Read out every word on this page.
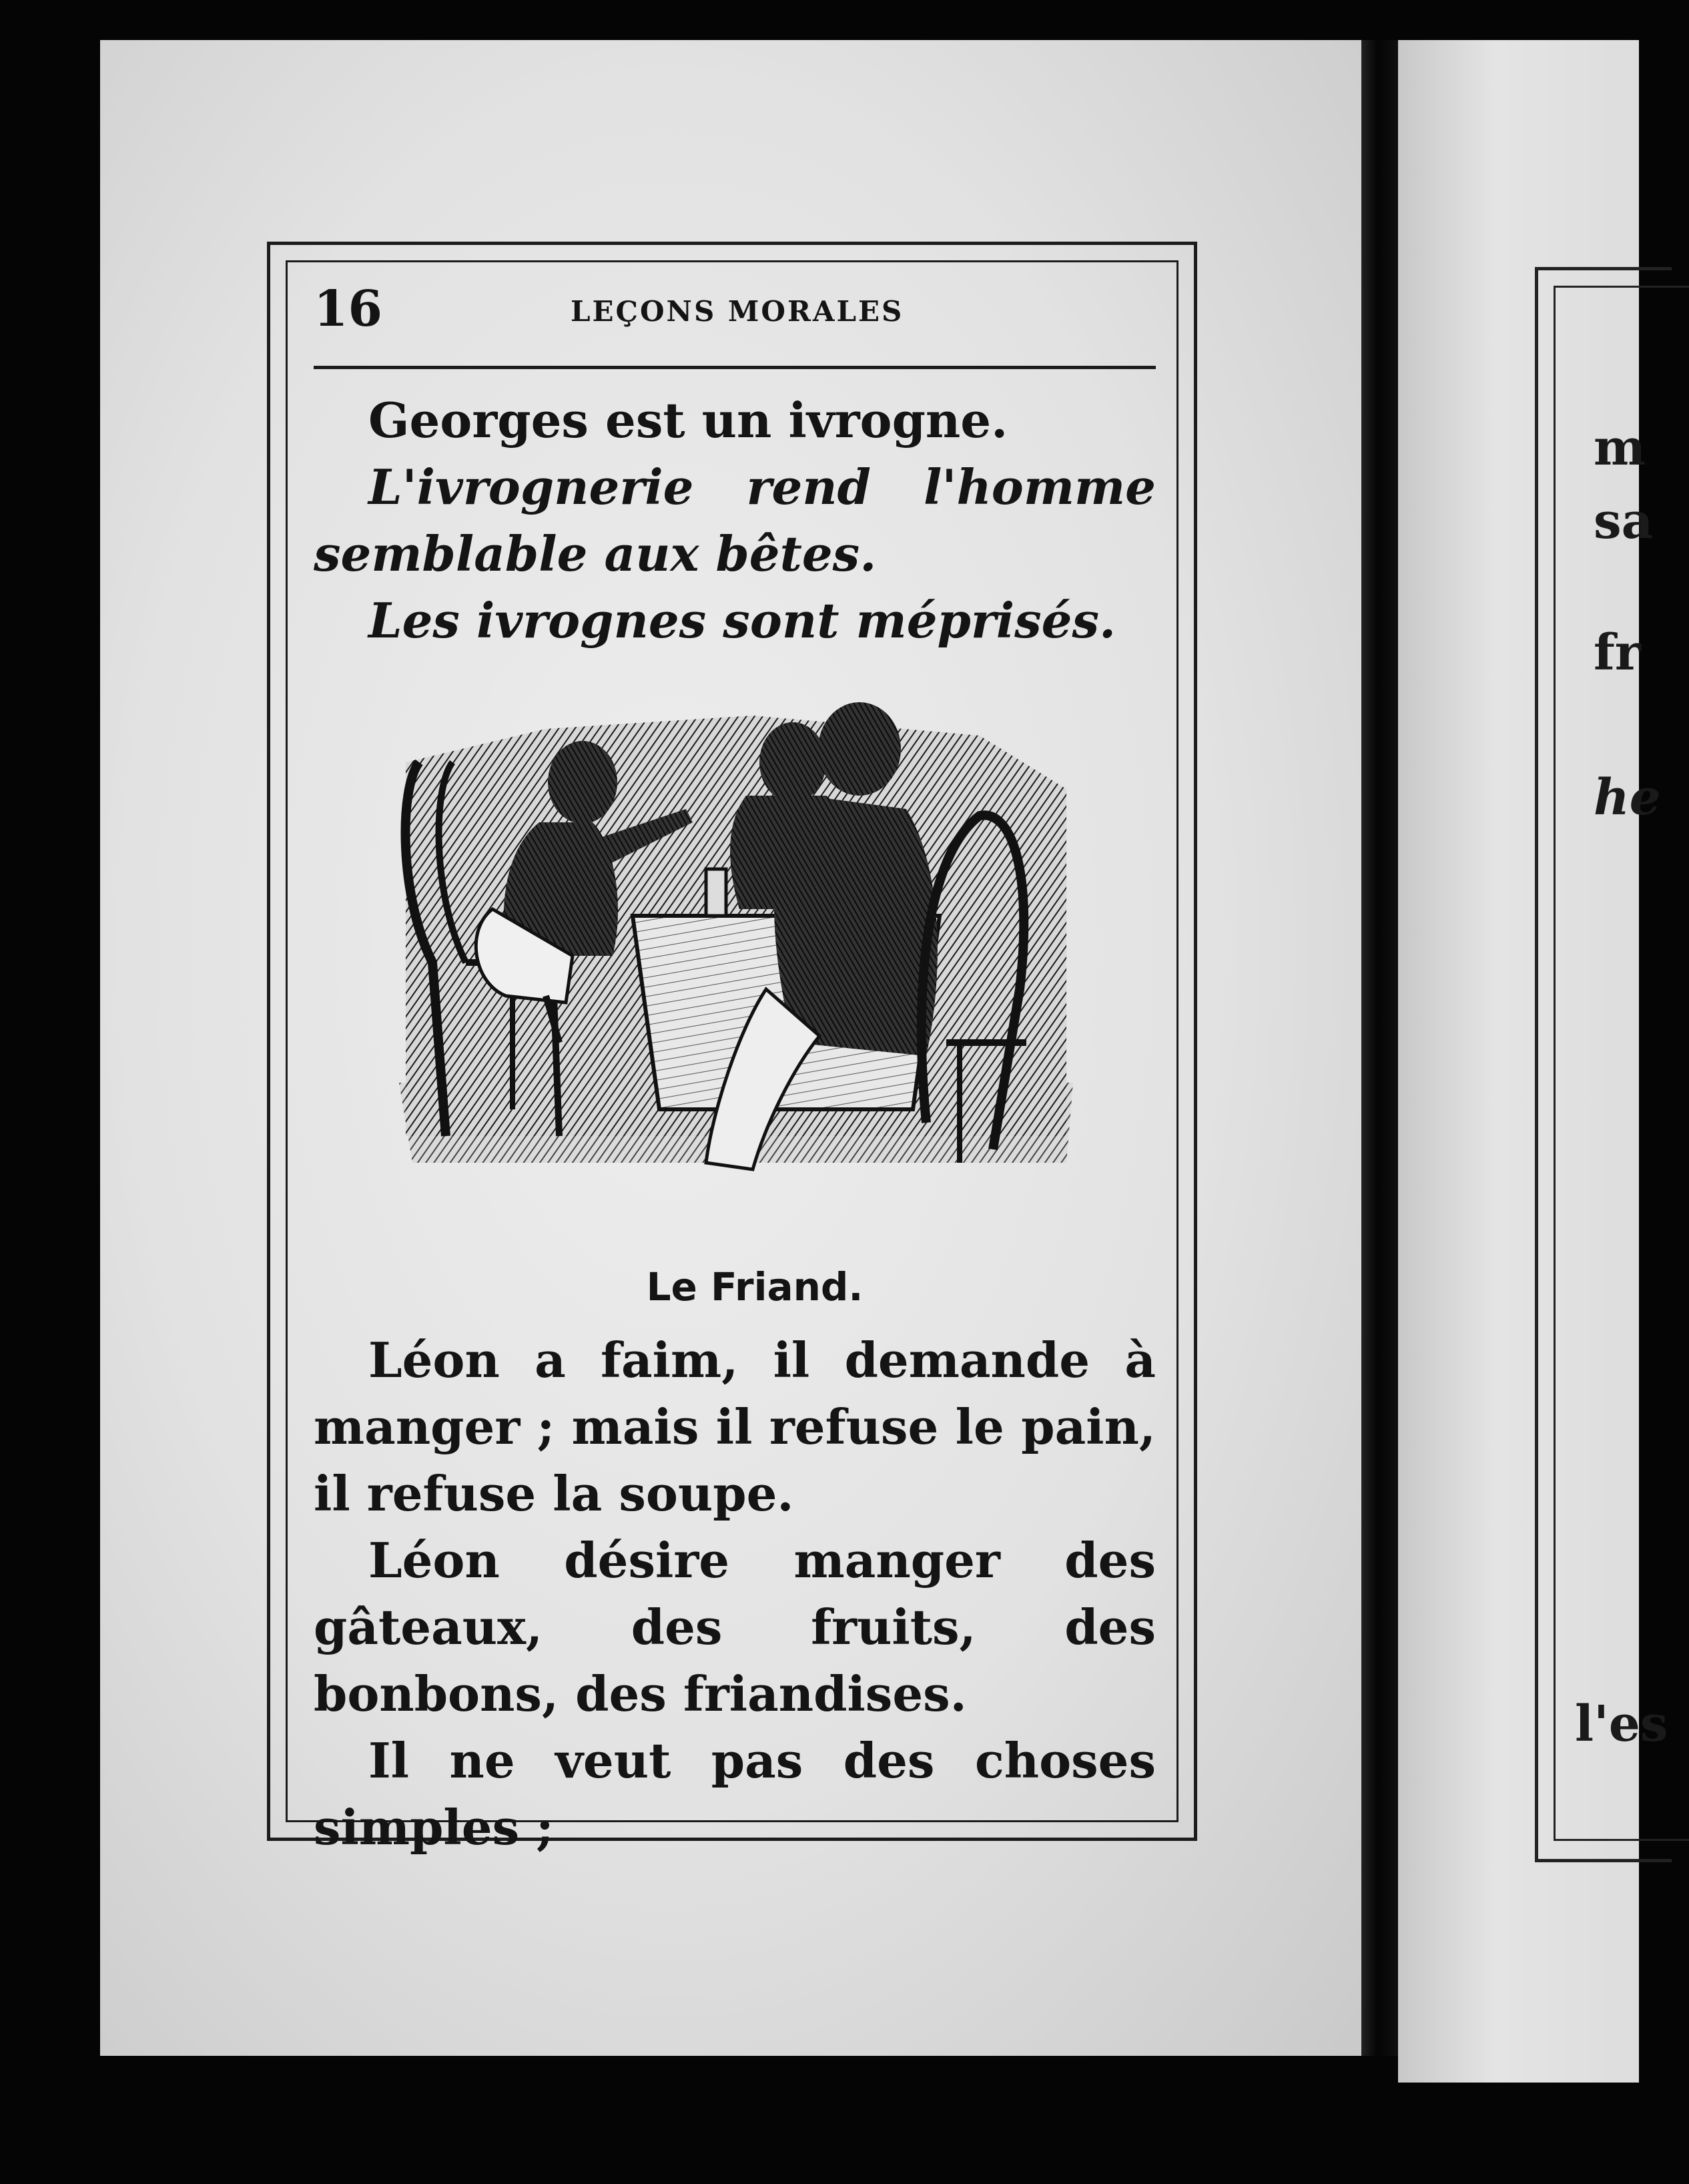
m
sa
fr
he
l'es
16	LEÇONS MORALES

Georges est un ivrogne.

L'ivrognerie rend l'homme semblable aux bêtes.

Les ivrognes sont méprisés.

Le Friand.

Léon a faim, il demande à manger ; mais il refuse le pain, il refuse la soupe.

Léon désire manger des gâteaux, des fruits, des bonbons, des friandises.

Il ne veut pas des choses simples ;
